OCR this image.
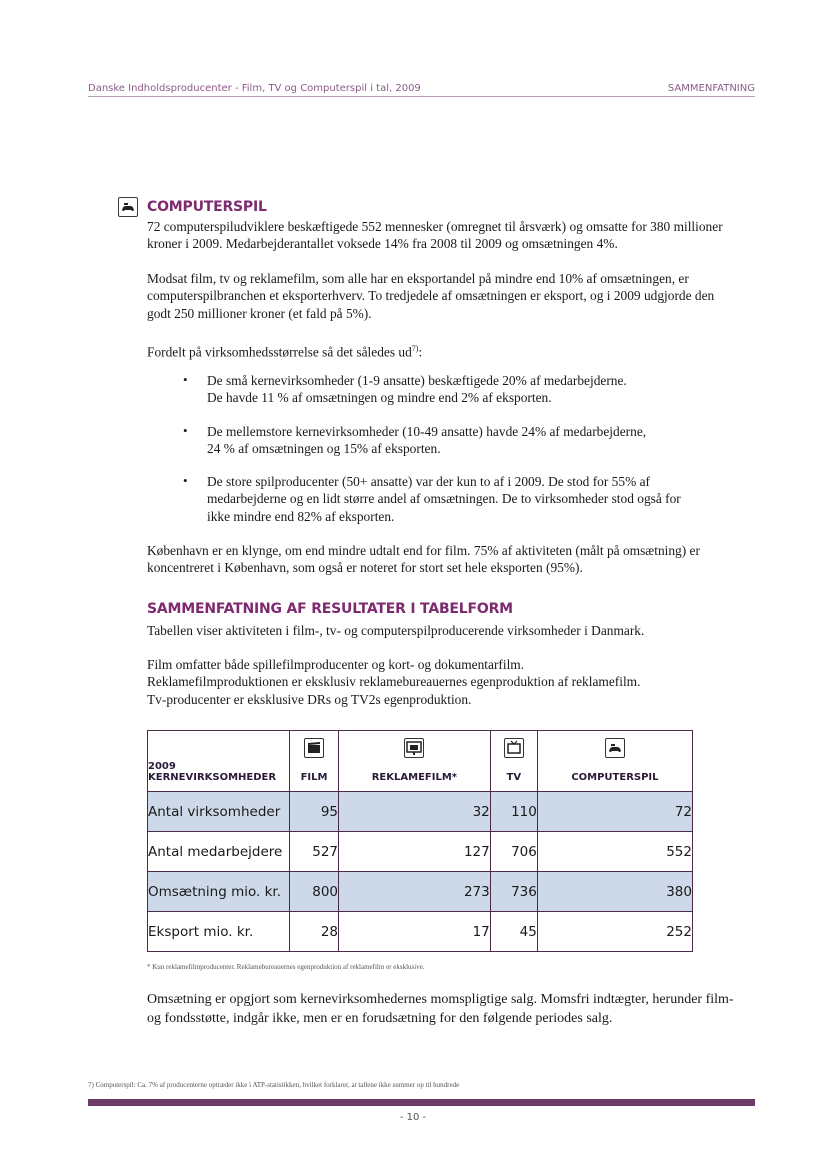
Danske Indholdsproducenter - Film, TV og Computerspil i tal, 2009	SAMMENFATNING
COMPUTERSPIL

72 computerspiludviklere beskæftigede 552 mennesker (omregnet til årsværk) og omsatte for 380 millioner kroner i 2009. Medarbejderantallet voksede 14% fra 2008 til 2009 og omsætningen 4%.

Modsat film, tv og reklamefilm, som alle har en eksportandel på mindre end 10% af omsætningen, er computerspilbranchen et eksporterhverv. To tredjedele af omsætningen er eksport, og i 2009 udgjorde den godt 250 millioner kroner (et fald på 5%).

Fordelt på virksomhedsstørrelse så det således $ud^{7)}$:

• De små kernevirksomheder (1-9 ansatte) beskæftigede 20% af medarbejderne.
De havde 11 % af omsætningen og mindre end 2% af eksporten.

• De mellemstore kernevirksomheder (10-49 ansatte) havde 24% af medarbejderne,
24 % af omsætningen og 15% af eksporten.

• De store spilproducenter (50+ ansatte) var der kun to af i 2009. De stod for 55% af medarbejderne og en lidt større andel af omsætningen. De to virksomheder stod også for ikke mindre end 82% af eksporten.

København er en klynge, om end mindre udtalt end for film. 75% af aktiviteten (målt på omsætning) er koncentreret i København, som også er noteret for stort set hele eksporten (95%).

SAMMENFATNING AF RESULTATER I TABELFORM

Tabellen viser aktiviteten i film-, tv- og computerspilproducerende virksomheder i Danmark.

Film omfatter både spillefilmproducenter og kort- og dokumentarfilm.
Reklamefilmproduktionen er eksklusiv reklamebureauernes egenproduktion af reklamefilm.
Tv-producenter er eksklusive DRs og TV2s egenproduktion.

2009
KERNEVIRKSOMHEDER	FILM	REKLAMEFILM*	TV	COMPUTERSPIL

Antal virksomheder	95	32	110	72
Antal medarbejdere	527	127	706	552
Omsætning mio. kr.	800	273	736	380
Eksport mio. kr.	28	17	45	252
* Kun reklamefilmproducenter. Reklamebureauernes egenproduktion af reklamefilm er eksklusive.

Omsætning er opgjort som kernevirksomhedernes momspligtige salg. Momsfri indtægter, herunder film- og fondsstøtte, indgår ikke, men er en forudsætning for den følgende periodes salg.

7) Computerspil: Ca. 7% af producenterne optræder ikke i ATP-statistikken, hvilket forklarer, at tallene ikke summer op til hundrede
- 10 -
